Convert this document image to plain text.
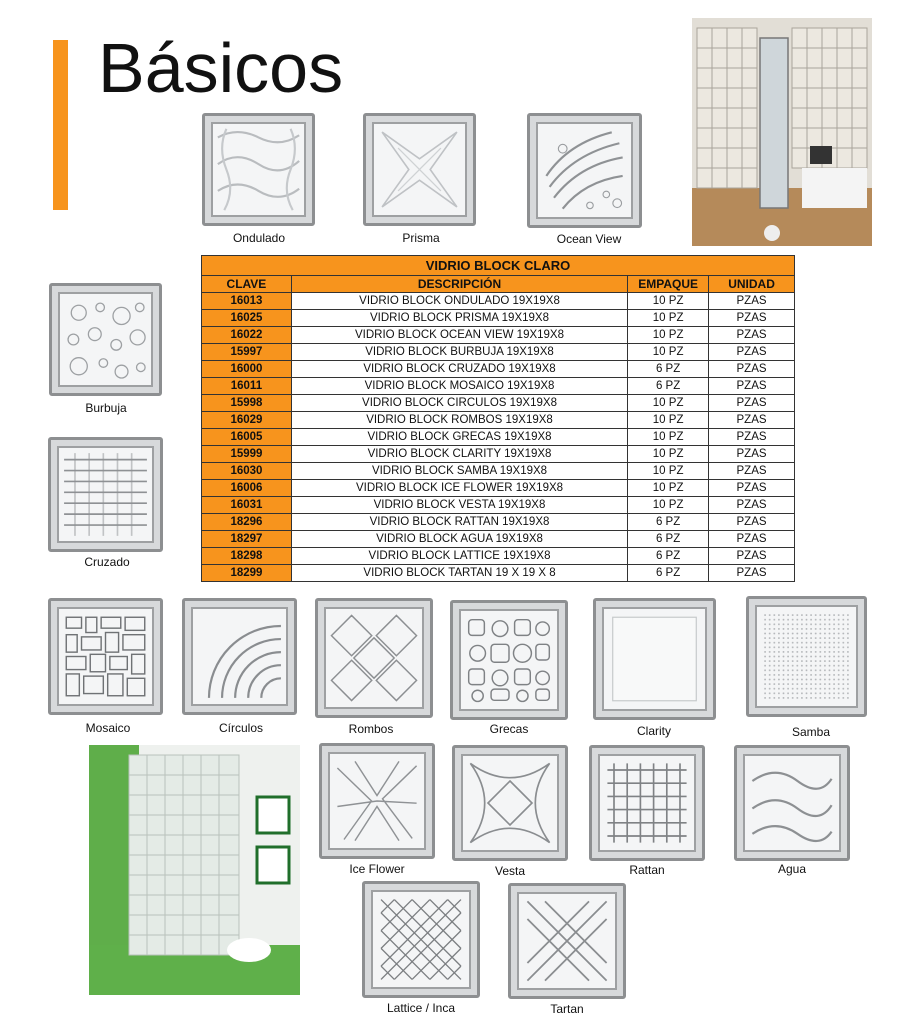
Básicos
Ondulado	Prisma	Ocean View
Burbuja
Cruzado
VIDRIO BLOCK CLARO			
CLAVE	DESCRIPCIÓN	EMPAQUE	UNIDAD
16013	VIDRIO BLOCK ONDULADO 19X19X8	10 PZ	PZAS
16025	VIDRIO BLOCK PRISMA 19X19X8	10 PZ	PZAS
16022	VIDRIO BLOCK OCEAN VIEW 19X19X8	10 PZ	PZAS
15997	VIDRIO BLOCK BURBUJA 19X19X8	10 PZ	PZAS
16000	VIDRIO BLOCK CRUZADO 19X19X8	6 PZ	PZAS
16011	VIDRIO BLOCK MOSAICO 19X19X8	6 PZ	PZAS
15998	VIDRIO BLOCK CIRCULOS 19X19X8	10 PZ	PZAS
16029	VIDRIO BLOCK ROMBOS 19X19X8	10 PZ	PZAS
16005	VIDRIO BLOCK GRECAS 19X19X8	10 PZ	PZAS
15999	VIDRIO BLOCK CLARITY 19X19X8	10 PZ	PZAS
16030	VIDRIO BLOCK SAMBA 19X19X8	10 PZ	PZAS
16006	VIDRIO BLOCK ICE FLOWER 19X19X8	10 PZ	PZAS
16031	VIDRIO BLOCK VESTA 19X19X8	10 PZ	PZAS
18296	VIDRIO BLOCK RATTAN 19X19X8	6 PZ	PZAS
18297	VIDRIO BLOCK AGUA 19X19X8	6 PZ	PZAS
18298	VIDRIO BLOCK LATTICE 19X19X8	6 PZ	PZAS
18299	VIDRIO BLOCK TARTAN 19 X 19 X 8	6 PZ	PZAS
Mosaico	Círculos	Rombos	Grecas	Clarity	Samba
Ice Flower	Vesta	Rattan	Agua
Lattice / Inca	Tartan
